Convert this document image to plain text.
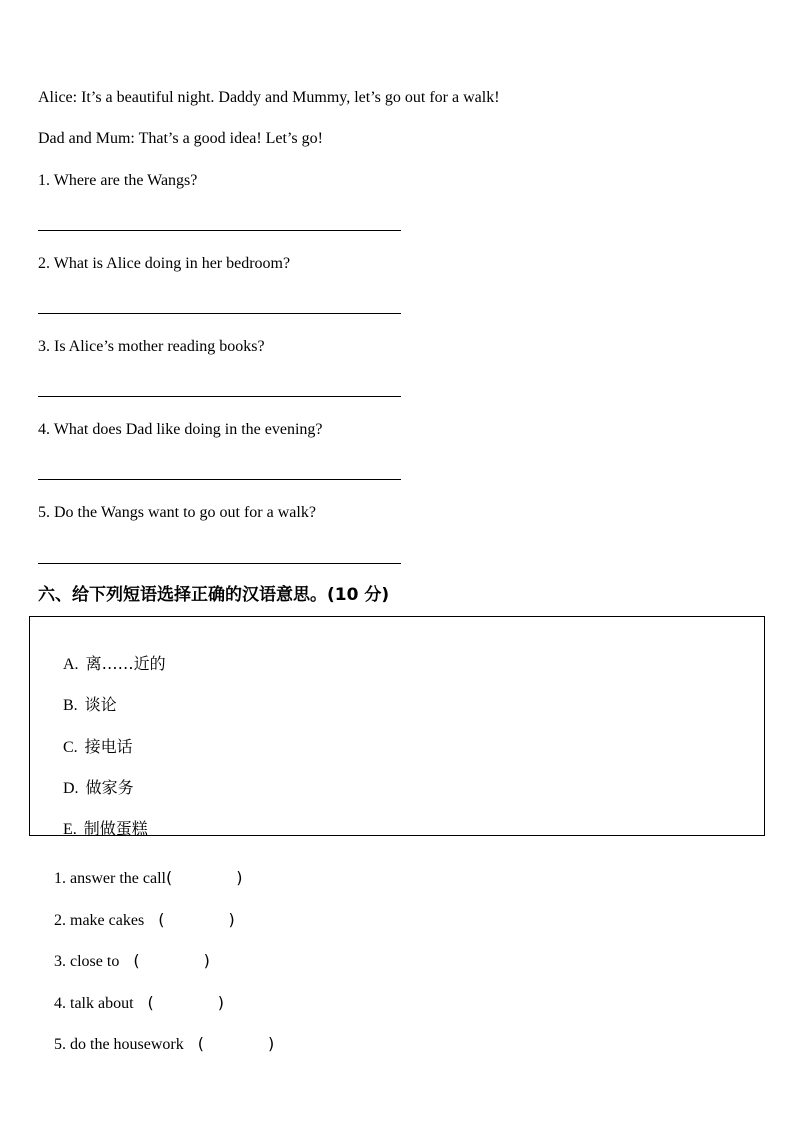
Alice: It’s a beautiful night. Daddy and Mummy, let’s go out for a walk!
Dad and Mum: That’s a good idea! Let’s go!
1. Where are the Wangs?
2. What is Alice doing in her bedroom?
3. Is Alice’s mother reading books?
4. What does Dad like doing in the evening?
5. Do the Wangs want to go out for a walk?
六、给下列短语选择正确的汉语意思。(10 分)

A. 离……近的

B. 谈论

C. 接电话

D. 做家务

E. 制做蛋糕

1. answer the call(	)

2. make cakes (	)

3. close to (	)

4. talk about (	)

5. do the housework (	)
